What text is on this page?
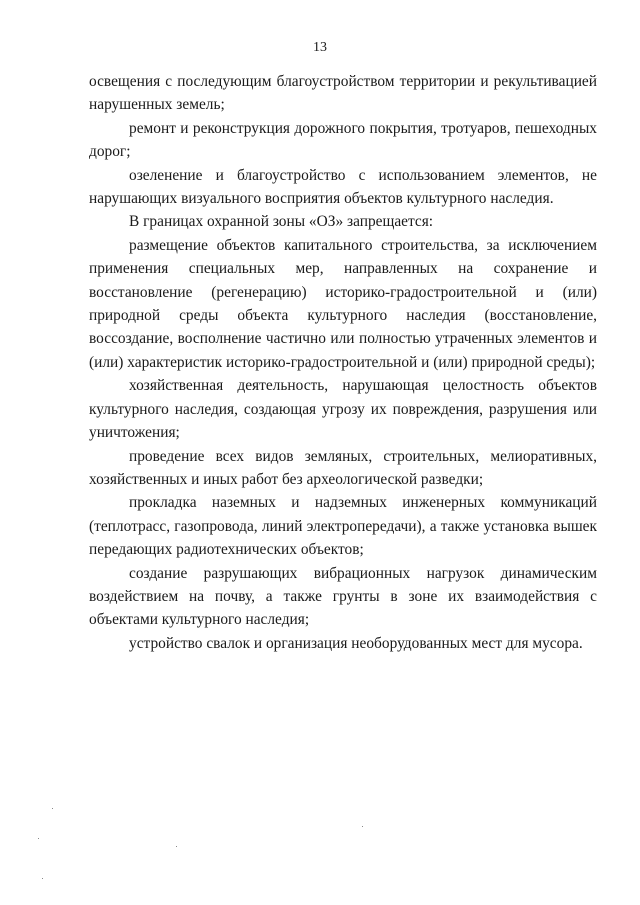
13

освещения с последующим благоустройством территории и рекультивацией нарушенных земель;

ремонт и реконструкция дорожного покрытия, тротуаров, пешеходных дорог;

озеленение и благоустройство с использованием элементов, не нарушающих визуального восприятия объектов культурного наследия.

В границах охранной зоны «ОЗ» запрещается:

размещение объектов капитального строительства, за исключением применения специальных мер, направленных на сохранение и восстановление (регенерацию) историко-градостроительной и (или) природной среды объекта культурного наследия (восстановление, воссоздание, восполнение частично или полностью утраченных элементов и (или) характеристик историко-градостроительной и (или) природной среды);

хозяйственная деятельность, нарушающая целостность объектов культурного наследия, создающая угрозу их повреждения, разрушения или уничтожения;

проведение всех видов земляных, строительных, мелиоративных, хозяйственных и иных работ без археологической разведки;

прокладка наземных и надземных инженерных коммуникаций (теплотрасс, газопровода, линий электропередачи), а также установка вышек передающих радиотехнических объектов;

создание разрушающих вибрационных нагрузок динамическим воздействием на почву, а также грунты в зоне их взаимодействия с объектами культурного наследия;

устройство свалок и организация необорудованных мест для мусора.
